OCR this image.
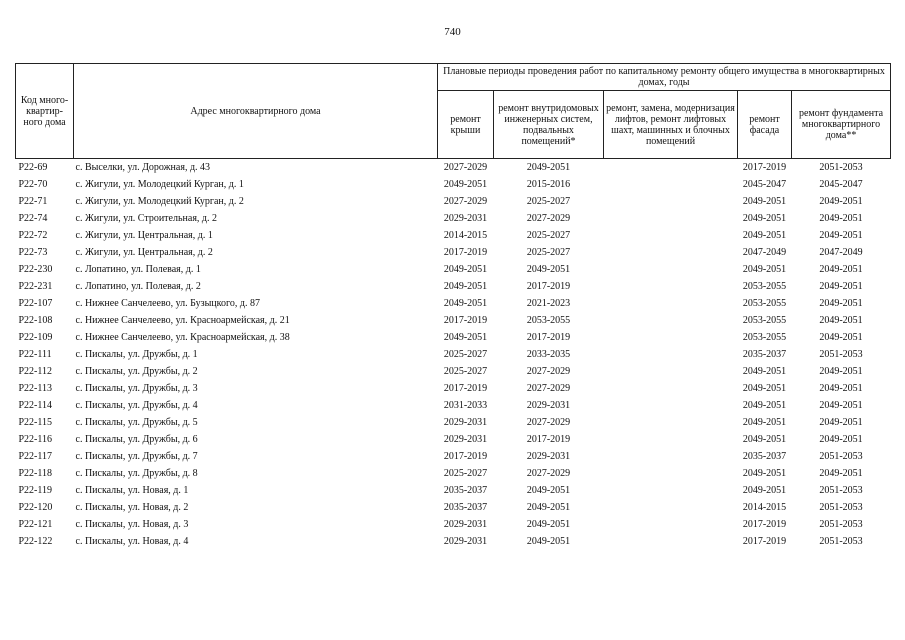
740
Код много-квартир-ного дома	Адрес многоквартирного дома	Плановые периоды проведения работ по капитальному ремонту общего имущества в многоквартирных домах, годы				
		ремонт крыши	ремонт внутридомовых инженерных систем, подвальных помещений*	ремонт, замена, модернизация лифтов, ремонт лифтовых шахт, машинных и блочных помещений	ремонт фасада	ремонт фундамента многоквартирного дома**
Р22-69	с. Выселки, ул. Дорожная, д. 43	2027-2029	2049-2051		2017-2019	2051-2053
Р22-70	с. Жигули, ул. Молодецкий Курган, д. 1	2049-2051	2015-2016		2045-2047	2045-2047
Р22-71	с. Жигули, ул. Молодецкий Курган, д. 2	2027-2029	2025-2027		2049-2051	2049-2051
Р22-74	с. Жигули, ул. Строительная, д. 2	2029-2031	2027-2029		2049-2051	2049-2051
Р22-72	с. Жигули, ул. Центральная, д. 1	2014-2015	2025-2027		2049-2051	2049-2051
Р22-73	с. Жигули, ул. Центральная, д. 2	2017-2019	2025-2027		2047-2049	2047-2049
Р22-230	с. Лопатино, ул. Полевая, д. 1	2049-2051	2049-2051		2049-2051	2049-2051
Р22-231	с. Лопатино, ул. Полевая, д. 2	2049-2051	2017-2019		2053-2055	2049-2051
Р22-107	с. Нижнее Санчелеево, ул. Бузыцкого, д. 87	2049-2051	2021-2023		2053-2055	2049-2051
Р22-108	с. Нижнее Санчелеево, ул. Красноармейская, д. 21	2017-2019	2053-2055		2053-2055	2049-2051
Р22-109	с. Нижнее Санчелеево, ул. Красноармейская, д. 38	2049-2051	2017-2019		2053-2055	2049-2051
Р22-111	с. Пискалы, ул. Дружбы, д. 1	2025-2027	2033-2035		2035-2037	2051-2053
Р22-112	с. Пискалы, ул. Дружбы, д. 2	2025-2027	2027-2029		2049-2051	2049-2051
Р22-113	с. Пискалы, ул. Дружбы, д. 3	2017-2019	2027-2029		2049-2051	2049-2051
Р22-114	с. Пискалы, ул. Дружбы, д. 4	2031-2033	2029-2031		2049-2051	2049-2051
Р22-115	с. Пискалы, ул. Дружбы, д. 5	2029-2031	2027-2029		2049-2051	2049-2051
Р22-116	с. Пискалы, ул. Дружбы, д. 6	2029-2031	2017-2019		2049-2051	2049-2051
Р22-117	с. Пискалы, ул. Дружбы, д. 7	2017-2019	2029-2031		2035-2037	2051-2053
Р22-118	с. Пискалы, ул. Дружбы, д. 8	2025-2027	2027-2029		2049-2051	2049-2051
Р22-119	с. Пискалы, ул. Новая, д. 1	2035-2037	2049-2051		2049-2051	2051-2053
Р22-120	с. Пискалы, ул. Новая, д. 2	2035-2037	2049-2051		2014-2015	2051-2053
Р22-121	с. Пискалы, ул. Новая, д. 3	2029-2031	2049-2051		2017-2019	2051-2053
Р22-122	с. Пискалы, ул. Новая, д. 4	2029-2031	2049-2051		2017-2019	2051-2053
